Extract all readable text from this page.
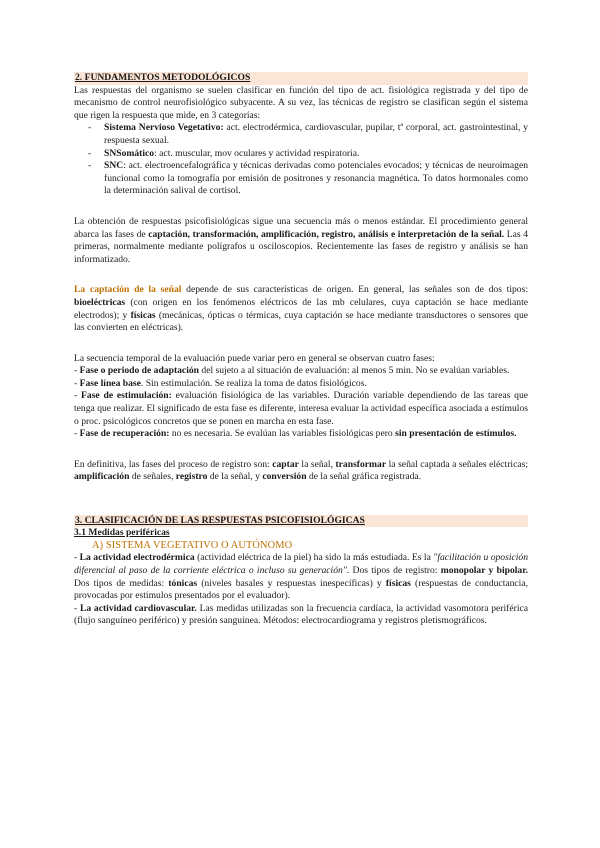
2. FUNDAMENTOS METODOLÓGICOS

Las respuestas del organismo se suelen clasificar en función del tipo de act. fisiológica registrada y del tipo de mecanismo de control neurofisiológico subyacente. A su vez, las técnicas de registro se clasifican según el sistema que rigen la respuesta que mide, en 3 categorías:

- Sistema Nervioso Vegetativo: act. electrodérmica, cardiovascular, pupilar, tª corporal, act. gastrointestinal, y respuesta sexual.
- SNSomático: act. muscular, mov oculares y actividad respiratoria.
- SNC: act. electroencefalográfica y técnicas derivadas como potenciales evocados; y técnicas de neuroimagen funcional como la tomografía por emisión de positrones y resonancia magnética. To datos hormonales como la determinación salival de cortisol.

La obtención de respuestas psicofisiológicas sigue una secuencia más o menos estándar. El procedimiento general abarca las fases de captación, transformación, amplificación, registro, análisis e interpretación de la señal. Las 4 primeras, normalmente mediante polígrafos u osciloscopios. Recientemente las fases de registro y análisis se han informatizado.

La captación de la señal depende de sus características de origen. En general, las señales son de dos tipos: bioeléctricas (con origen en los fenómenos eléctricos de las mb celulares, cuya captación se hace mediante electrodos); y físicas (mecánicas, ópticas o térmicas, cuya captación se hace mediante transductores o sensores que las convierten en eléctricas).

La secuencia temporal de la evaluación puede variar pero en general se observan cuatro fases:

- Fase o periodo de adaptación del sujeto a al situación de evaluación: al menos 5 min. No se evalúan variables.

- Fase línea base. Sin estimulación. Se realiza la toma de datos fisiológicos.

- Fase de estimulación: evaluación fisiológica de las variables. Duración variable dependiendo de las tareas que tenga que realizar. El significado de esta fase es diferente, interesa evaluar la actividad específica asociada a estímulos o proc. psicológicos concretos que se ponen en marcha en esta fase.

- Fase de recuperación: no es necesaria. Se evalúan las variables fisiológicas pero sin presentación de estímulos.

En definitiva, las fases del proceso de registro son: captar la señal, transformar la señal captada a señales eléctricas; amplificación de señales, registro de la señal, y conversión de la señal gráfica registrada.

3. CLASIFICACIÓN DE LAS RESPUESTAS PSICOFISIOLÓGICAS

3.1 Medidas periféricas

A) SISTEMA VEGETATIVO O AUTÓNOMO

- La actividad electrodérmica (actividad eléctrica de la piel) ha sido la más estudiada. Es la "facilitación u oposición diferencial al paso de la corriente eléctrica o incluso su generación". Dos tipos de registro: monopolar y bipolar. Dos tipos de medidas: tónicas (niveles basales y respuestas inespecíficas) y físicas (respuestas de conductancia, provocadas por estímulos presentados por el evaluador).

- La actividad cardiovascular. Las medidas utilizadas son la frecuencia cardíaca, la actividad vasomotora periférica (flujo sanguíneo periférico) y presión sanguínea. Métodos: electrocardiograma y registros pletismográficos.
